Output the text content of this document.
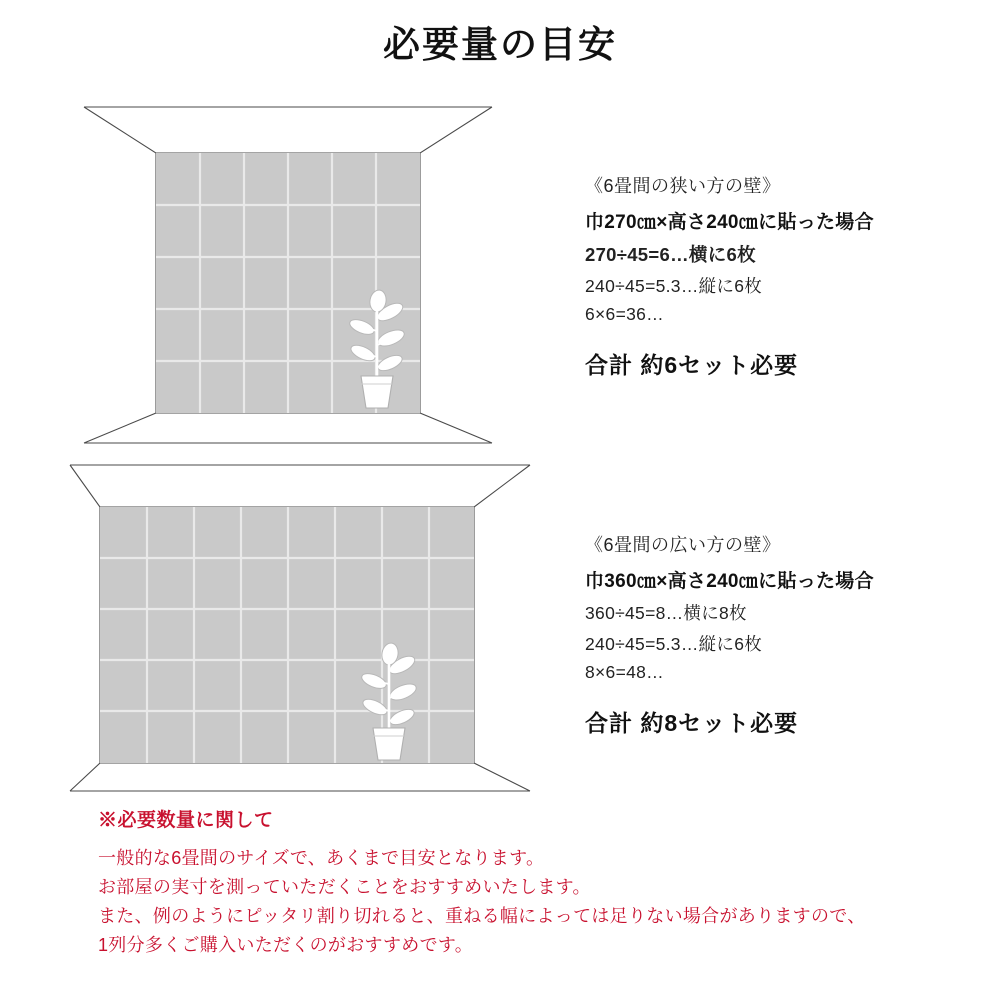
必要量の目安
《6畳間の狭い方の壁》
巾270㎝×高さ240㎝に貼った場合
270÷45=6…横に6枚
240÷45=5.3…縦に6枚
6×6=36…
合計 約6セット必要
《6畳間の広い方の壁》
巾360㎝×高さ240㎝に貼った場合
360÷45=8…横に8枚
240÷45=5.3…縦に6枚
8×6=48…
合計 約8セット必要
※必要数量に関して
一般的な6畳間のサイズで、あくまで目安となります。
お部屋の実寸を測っていただくことをおすすめいたします。
また、例のようにピッタリ割り切れると、重ねる幅によっては足りない場合がありますので、
1列分多くご購入いただくのがおすすめです。
